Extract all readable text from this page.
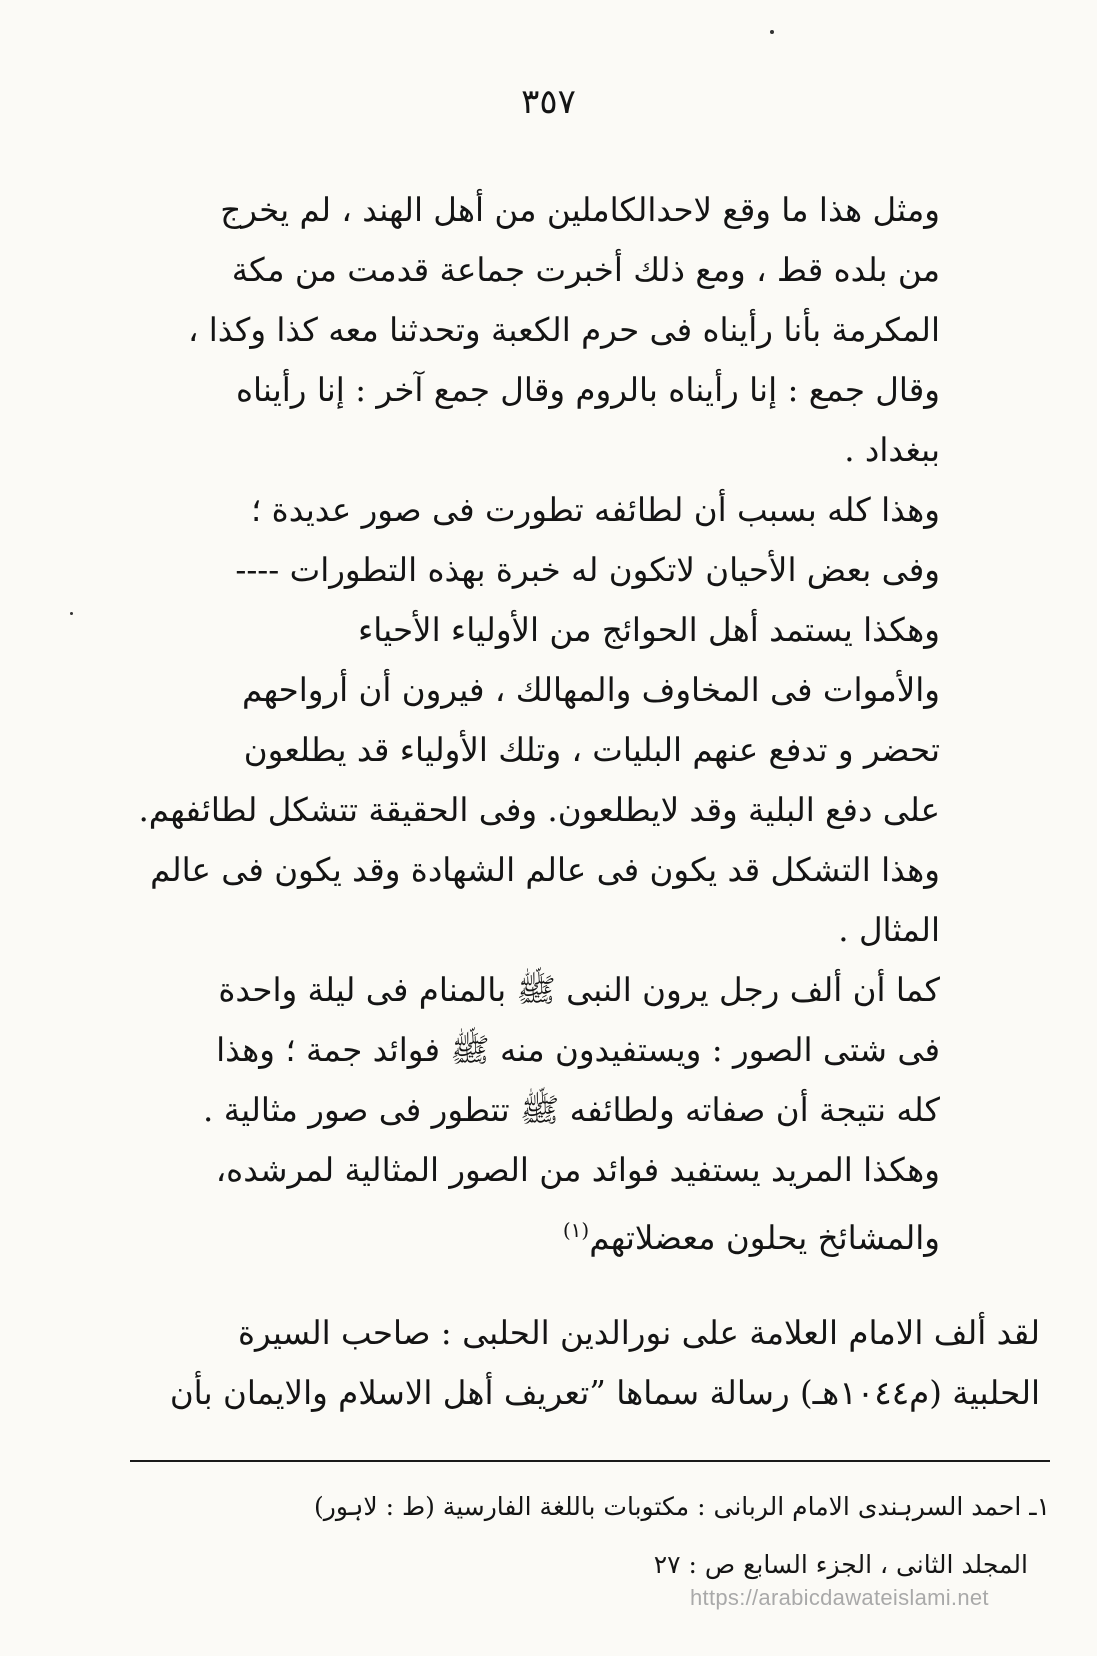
٣٥٧
ومثل هذا ما وقع لاحدالكاملين من أهل الهند ، لم يخرج
من بلده قط ، ومع ذلك أخبرت جماعة قدمت من مكة
المكرمة بأنا رأيناه فى حرم الكعبة وتحدثنا معه كذا وكذا ،
وقال جمع : إنا رأيناه بالروم وقال جمع آخر : إنا رأيناه
ببغداد .
وهذا كله بسبب أن لطائفه تطورت فى صور عديدة ؛
وفى بعض الأحيان لاتكون له خبرة بهذه التطورات ----
وهكذا يستمد أهل الحوائج من الأولياء الأحياء
والأموات فى المخاوف والمهالك ، فيرون أن أرواحهم
تحضر و تدفع عنهم البليات ، وتلك الأولياء قد يطلعون
على دفع البلية وقد لايطلعون. وفى الحقيقة تتشكل لطائفهم.
وهذا التشكل قد يكون فى عالم الشهادة وقد يكون فى عالم
المثال .
كما أن ألف رجل يرون النبى ﷺ بالمنام فى ليلة واحدة
فى شتى الصور : ويستفيدون منه ﷺ فوائد جمة ؛ وهذا
كله نتيجة أن صفاته ولطائفه ﷺ تتطور فى صور مثالية .
وهكذا المريد يستفيد فوائد من الصور المثالية لمرشده،
والمشائخ يحلون معضلاتهم$^{(١)}$
لقد ألف الامام العلامة على نورالدين الحلبى : صاحب السيرة
الحلبية (م١٠٤٤هـ) رسالة سماها ”تعريف أهل الاسلام والايمان بأن
١ـ احمد السرہندی الامام الربانی : مکتوبات باللغة الفارسية (ط : لاہور)
المجلد الثانی ، الجزء السابع ص : ٢٧
https://arabicdawateislami.net
